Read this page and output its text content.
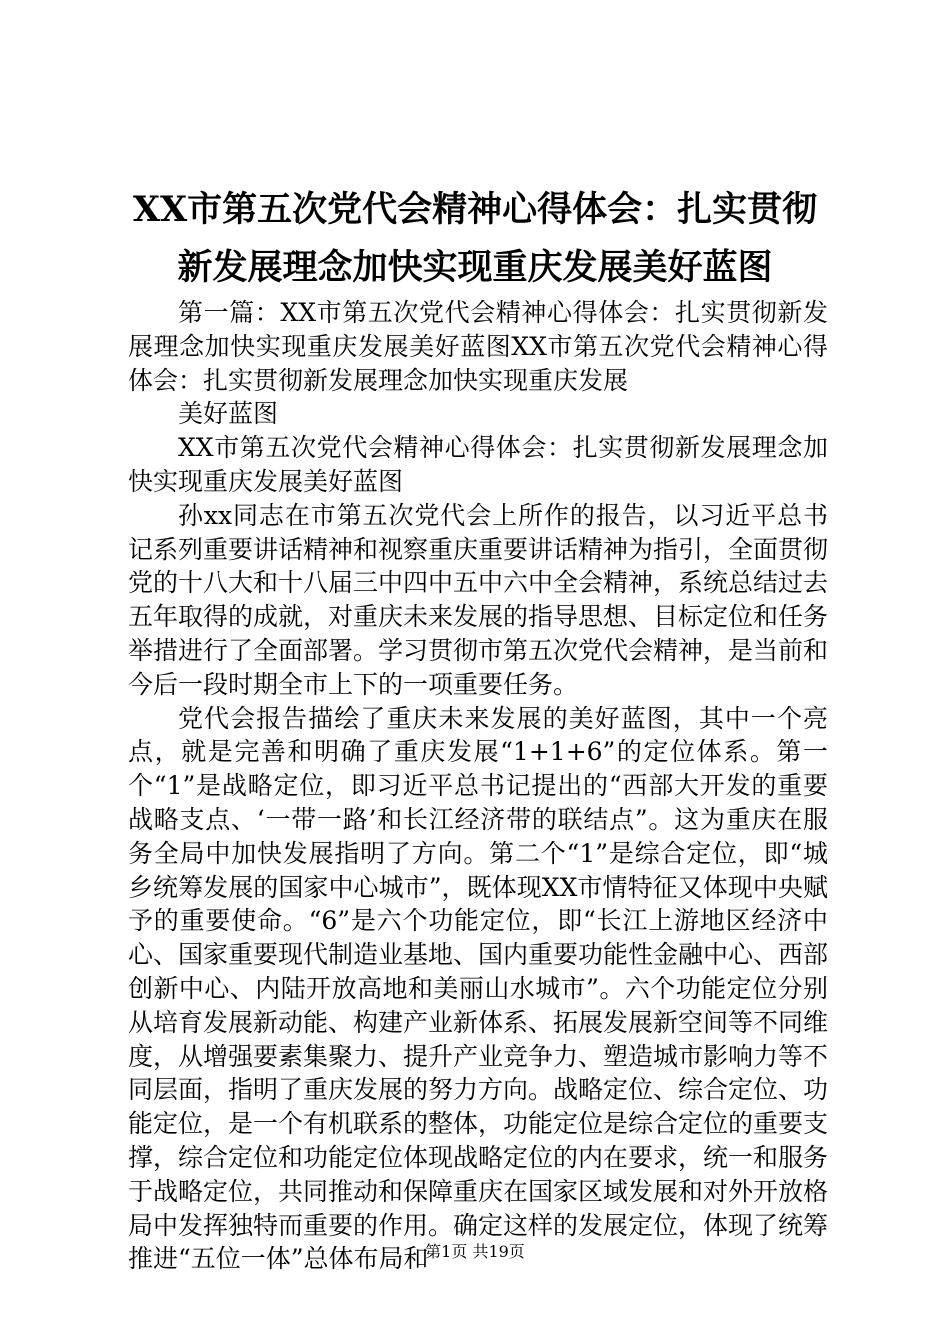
XX市第五次党代会精神心得体会：扎实贯彻
新发展理念加快实现重庆发展美好蓝图

第一篇：XX市第五次党代会精神心得体会：扎实贯彻新发展理念加快实现重庆发展美好蓝图XX市第五次党代会精神心得体会：扎实贯彻新发展理念加快实现重庆发展

美好蓝图

XX市第五次党代会精神心得体会：扎实贯彻新发展理念加快实现重庆发展美好蓝图

孙xx同志在市第五次党代会上所作的报告，以习近平总书记系列重要讲话精神和视察重庆重要讲话精神为指引，全面贯彻党的十八大和十八届三中四中五中六中全会精神，系统总结过去五年取得的成就，对重庆未来发展的指导思想、目标定位和任务举措进行了全面部署。学习贯彻市第五次党代会精神，是当前和今后一段时期全市上下的一项重要任务。

党代会报告描绘了重庆未来发展的美好蓝图，其中一个亮点，就是完善和明确了重庆发展“1+1+6”的定位体系。第一个“1”是战略定位，即习近平总书记提出的“西部大开发的重要战略支点、‘一带一路’和长江经济带的联结点”。这为重庆在服务全局中加快发展指明了方向。第二个“1”是综合定位，即“城乡统筹发展的国家中心城市”，既体现XX市情特征又体现中央赋予的重要使命。“6”是六个功能定位，即“长江上游地区经济中心、国家重要现代制造业基地、国内重要功能性金融中心、西部创新中心、内陆开放高地和美丽山水城市”。六个功能定位分别从培育发展新动能、构建产业新体系、拓展发展新空间等不同维度，从增强要素集聚力、提升产业竞争力、塑造城市影响力等不同层面，指明了重庆发展的努力方向。战略定位、综合定位、功能定位，是一个有机联系的整体，功能定位是综合定位的重要支撑，综合定位和功能定位体现战略定位的内在要求，统一和服务于战略定位，共同推动和保障重庆在国家区域发展和对外开放格局中发挥独特而重要的作用。确定这样的发展定位，体现了统筹推进“五位一体”总体布局和

第1页 共19页
